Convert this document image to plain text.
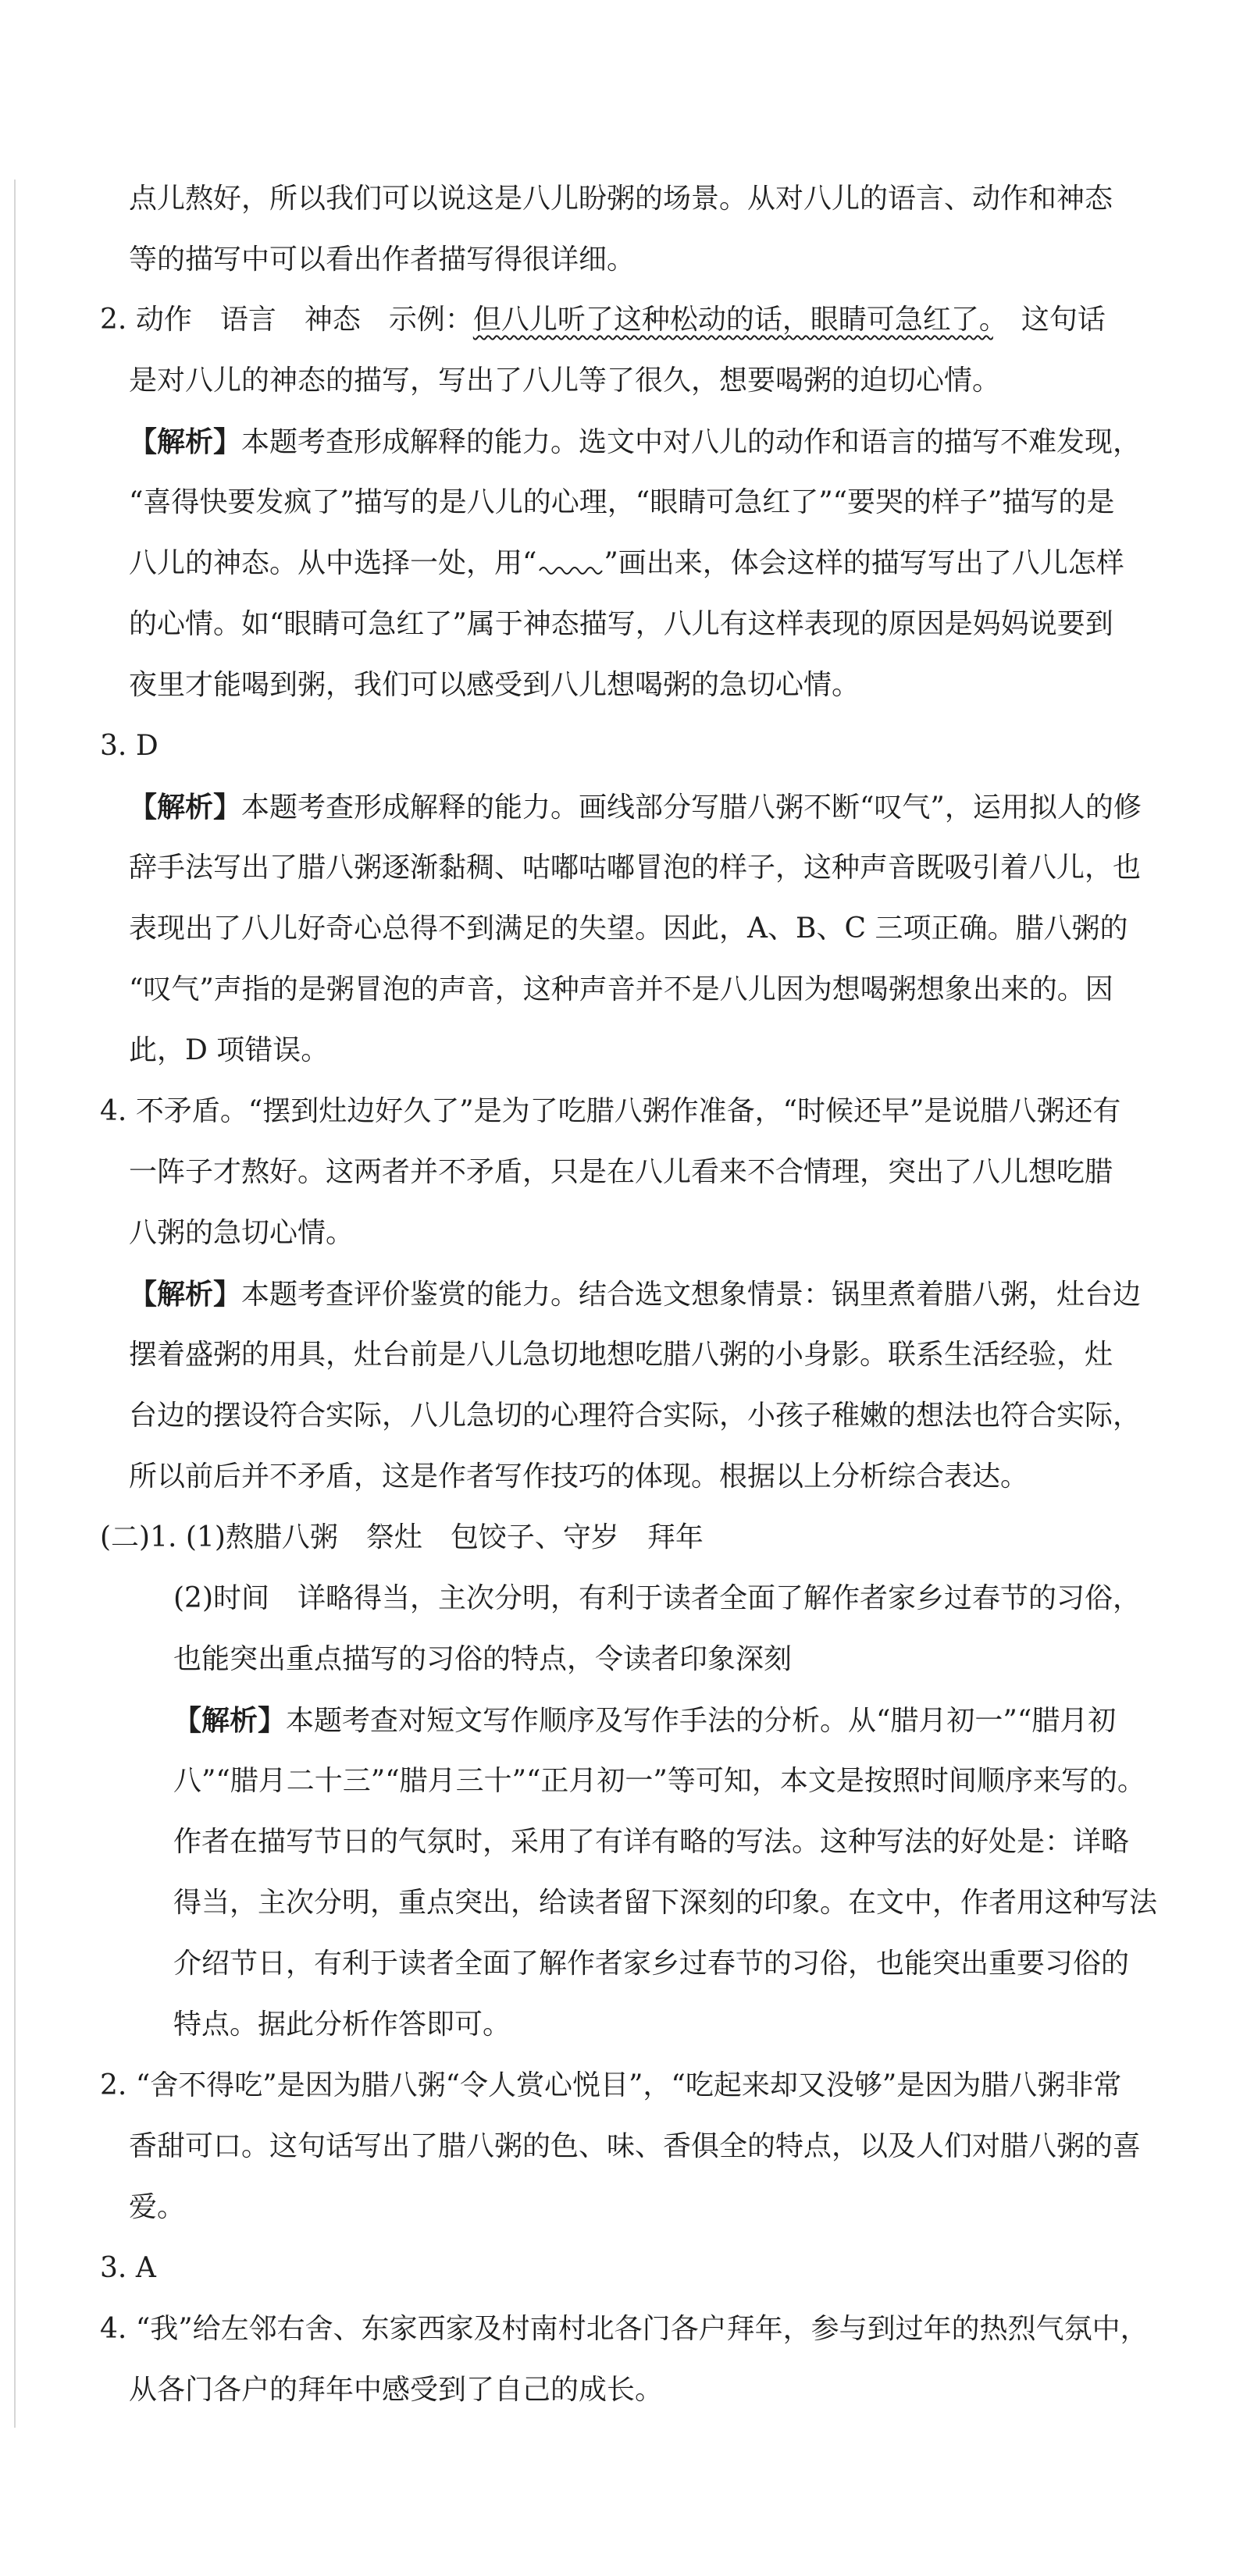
点儿熬好，所以我们可以说这是八儿盼粥的场景。从对八儿的语言、动作和神态
等的描写中可以看出作者描写得很详细。
2. 动作　语言　神态　示例：但八儿听了这种松动的话，眼睛可急红了。　这句话
是对八儿的神态的描写，写出了八儿等了很久，想要喝粥的迫切心情。
【解析】本题考查形成解释的能力。选文中对八儿的动作和语言的描写不难发现，
“喜得快要发疯了”描写的是八儿的心理，“眼睛可急红了”“要哭的样子”描写的是
八儿的神态。从中选择一处，用“ ”画出来，体会这样的描写写出了八儿怎样
的心情。如“眼睛可急红了”属于神态描写，八儿有这样表现的原因是妈妈说要到
夜里才能喝到粥，我们可以感受到八儿想喝粥的急切心情。
3. D
【解析】本题考查形成解释的能力。画线部分写腊八粥不断“叹气”，运用拟人的修
辞手法写出了腊八粥逐渐黏稠、咕嘟咕嘟冒泡的样子，这种声音既吸引着八儿，也
表现出了八儿好奇心总得不到满足的失望。因此，A、B、C 三项正确。腊八粥的
“叹气”声指的是粥冒泡的声音，这种声音并不是八儿因为想喝粥想象出来的。因
此，D 项错误。
4. 不矛盾。“摆到灶边好久了”是为了吃腊八粥作准备，“时候还早”是说腊八粥还有
一阵子才熬好。这两者并不矛盾，只是在八儿看来不合情理，突出了八儿想吃腊
八粥的急切心情。
【解析】本题考查评价鉴赏的能力。结合选文想象情景：锅里煮着腊八粥，灶台边
摆着盛粥的用具，灶台前是八儿急切地想吃腊八粥的小身影。联系生活经验，灶
台边的摆设符合实际，八儿急切的心理符合实际，小孩子稚嫩的想法也符合实际，
所以前后并不矛盾，这是作者写作技巧的体现。根据以上分析综合表达。
(二)1. (1)熬腊八粥　祭灶　包饺子、守岁　拜年
(2)时间　详略得当，主次分明，有利于读者全面了解作者家乡过春节的习俗，
也能突出重点描写的习俗的特点，令读者印象深刻
【解析】本题考查对短文写作顺序及写作手法的分析。从“腊月初一”“腊月初
八”“腊月二十三”“腊月三十”“正月初一”等可知，本文是按照时间顺序来写的。
作者在描写节日的气氛时，采用了有详有略的写法。这种写法的好处是：详略
得当，主次分明，重点突出，给读者留下深刻的印象。在文中，作者用这种写法
介绍节日，有利于读者全面了解作者家乡过春节的习俗，也能突出重要习俗的
特点。据此分析作答即可。
2. “舍不得吃”是因为腊八粥“令人赏心悦目”，“吃起来却又没够”是因为腊八粥非常
香甜可口。这句话写出了腊八粥的色、味、香俱全的特点，以及人们对腊八粥的喜
爱。
3. A
4. “我”给左邻右舍、东家西家及村南村北各门各户拜年，参与到过年的热烈气氛中，
从各门各户的拜年中感受到了自己的成长。
